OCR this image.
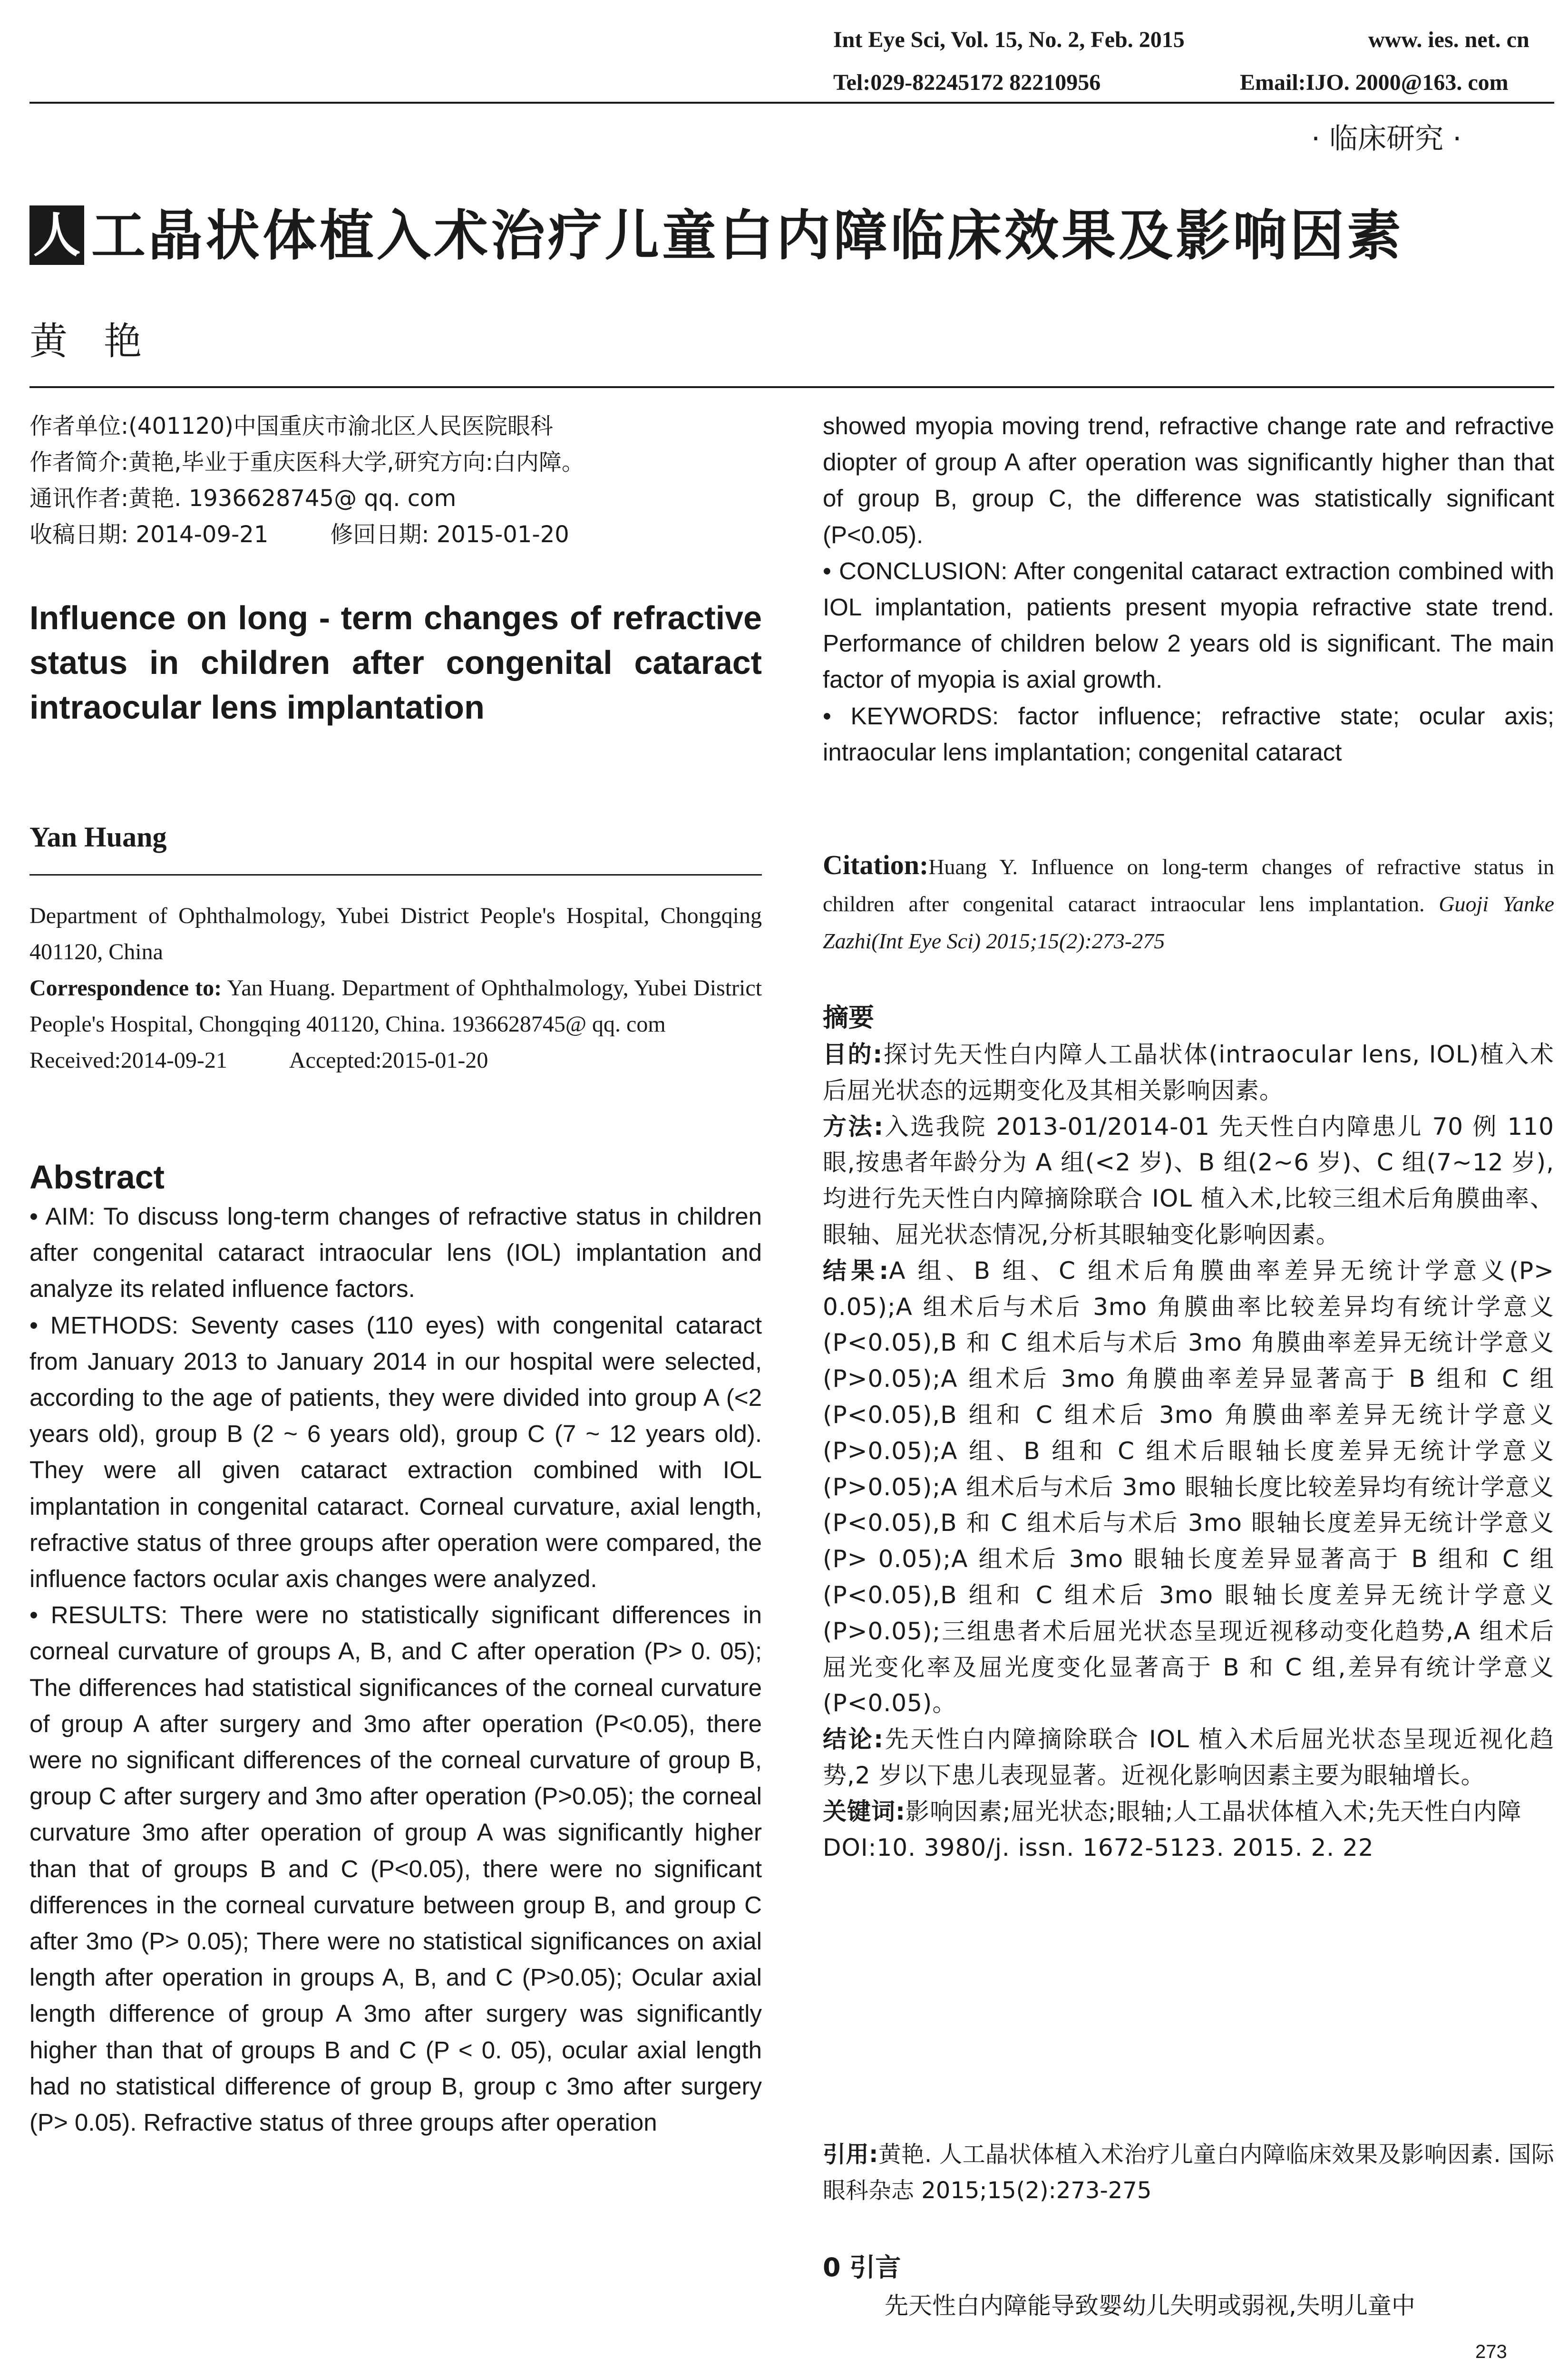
Int Eye Sci, Vol. 15, No. 2, Feb. 2015	www. ies. net. cn
Tel:029-82245172 82210956	Email:IJO. 2000@163. com
· 临床研究 ·
人 工晶状体植入术治疗儿童白内障临床效果及影响因素
黄   艳
作者单位:(401120)中国重庆市渝北区人民医院眼科
作者简介:黄艳,毕业于重庆医科大学,研究方向:白内障。
通讯作者:黄艳. 1936628745@ qq. com
收稿日期: 2014-09-21	修回日期: 2015-01-20
Influence on long - term changes of refractive status in children after congenital cataract intraocular lens implantation
Yan Huang

Department of Ophthalmology, Yubei District People's Hospital, Chongqing 401120, China

Correspondence to: Yan Huang. Department of Ophthalmology, Yubei District People's Hospital, Chongqing 401120, China. 1936628745@ qq. com

Received:2014-09-21	Accepted:2015-01-20

Abstract

• AIM: To discuss long-term changes of refractive status in children after congenital cataract intraocular lens (IOL) implantation and analyze its related influence factors.

• METHODS: Seventy cases (110 eyes) with congenital cataract from January 2013 to January 2014 in our hospital were selected, according to the age of patients, they were divided into group A (<2 years old), group B (2 ~ 6 years old), group C (7 ~ 12 years old). They were all given cataract extraction combined with IOL implantation in congenital cataract. Corneal curvature, axial length, refractive status of three groups after operation were compared, the influence factors ocular axis changes were analyzed.

• RESULTS: There were no statistically significant differences in corneal curvature of groups A, B, and C after operation (P> 0. 05); The differences had statistical significances of the corneal curvature of group A after surgery and 3mo after operation (P<0.05), there were no significant differences of the corneal curvature of group B, group C after surgery and 3mo after operation (P>0.05); the corneal curvature 3mo after operation of group A was significantly higher than that of groups B and C (P<0.05), there were no significant differences in the corneal curvature between group B, and group C after 3mo (P> 0.05); There were no statistical significances on axial length after operation in groups A, B, and C (P>0.05); Ocular axial length difference of group A 3mo after surgery was significantly higher than that of groups B and C (P < 0. 05), ocular axial length had no statistical difference of group B, group c 3mo after surgery (P> 0.05). Refractive status of three groups after operation

showed myopia moving trend, refractive change rate and refractive diopter of group A after operation was significantly higher than that of group B, group C, the difference was statistically significant (P<0.05).

• CONCLUSION: After congenital cataract extraction combined with IOL implantation, patients present myopia refractive state trend. Performance of children below 2 years old is significant. The main factor of myopia is axial growth.

• KEYWORDS: factor influence; refractive state; ocular axis; intraocular lens implantation; congenital cataract

Citation:Huang Y. Influence on long-term changes of refractive status in children after congenital cataract intraocular lens implantation. Guoji Yanke Zazhi(Int Eye Sci) 2015;15(2):273-275
摘要

目的:探讨先天性白内障人工晶状体(intraocular lens, IOL)植入术后屈光状态的远期变化及其相关影响因素。

方法:入选我院 2013-01/2014-01 先天性白内障患儿 70 例 110 眼,按患者年龄分为 A 组(<2 岁)、B 组(2~6 岁)、C 组(7~12 岁),均进行先天性白内障摘除联合 IOL 植入术,比较三组术后角膜曲率、眼轴、屈光状态情况,分析其眼轴变化影响因素。

结果:A 组、B 组、C 组术后角膜曲率差异无统计学意义(P> 0.05);A 组术后与术后 3mo 角膜曲率比较差异均有统计学意义(P<0.05),B 和 C 组术后与术后 3mo 角膜曲率差异无统计学意义(P>0.05);A 组术后 3mo 角膜曲率差异显著高于 B 组和 C 组(P<0.05),B 组和 C 组术后 3mo 角膜曲率差异无统计学意义(P>0.05);A 组、B 组和 C 组术后眼轴长度差异无统计学意义(P>0.05);A 组术后与术后 3mo 眼轴长度比较差异均有统计学意义(P<0.05),B 和 C 组术后与术后 3mo 眼轴长度差异无统计学意义(P> 0.05);A 组术后 3mo 眼轴长度差异显著高于 B 组和 C 组(P<0.05),B 组和 C 组术后 3mo 眼轴长度差异无统计学意义(P>0.05);三组患者术后屈光状态呈现近视移动变化趋势,A 组术后屈光变化率及屈光度变化显著高于 B 和 C 组,差异有统计学意义(P<0.05)。

结论:先天性白内障摘除联合 IOL 植入术后屈光状态呈现近视化趋势,2 岁以下患儿表现显著。近视化影响因素主要为眼轴增长。

关键词:影响因素;屈光状态;眼轴;人工晶状体植入术;先天性白内障

DOI:10. 3980/j. issn. 1672-5123. 2015. 2. 22

引用:黄艳. 人工晶状体植入术治疗儿童白内障临床效果及影响因素. 国际眼科杂志 2015;15(2):273-275
0 引言
先天性白内障能导致婴幼儿失明或弱视,失明儿童中
273
